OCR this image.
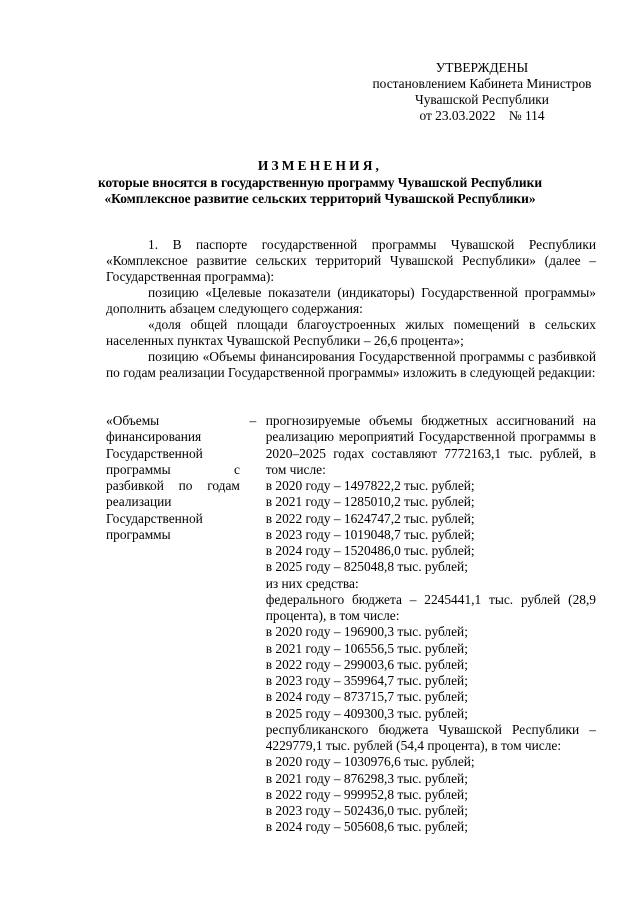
УТВЕРЖДЕНЫ
постановлением Кабинета Министров
Чувашской Республики
от 23.03.2022    № 114
ИЗМЕНЕНИЯ,
которые вносятся в государственную программу Чувашской Республики
«Комплексное развитие сельских территорий Чувашской Республики»

1. В паспорте государственной программы Чувашской Республики «Комплексное развитие сельских территорий Чувашской Республики» (далее – Государственная программа):

позицию «Целевые показатели (индикаторы) Государственной программы» дополнить абзацем следующего содержания:

«доля общей площади благоустроенных жилых помещений в сельских населенных пунктах Чувашской Республики – 26,6 процента»;

позицию «Объемы финансирования Государственной программы с разбивкой по годам реализации Государственной программы» изложить в следующей редакции:

«Объемы финансирования Государственной программы с разбивкой по годам реализации Государственной программы
– прогнозируемые объемы бюджетных ассигнований на реализацию мероприятий Государственной программы в 2020–2025 годах составляют 7772163,1 тыс. рублей, в том числе:
в 2020 году – 1497822,2 тыс. рублей;
в 2021 году – 1285010,2 тыс. рублей;
в 2022 году – 1624747,2 тыс. рублей;
в 2023 году – 1019048,7 тыс. рублей;
в 2024 году – 1520486,0 тыс. рублей;
в 2025 году – 825048,8 тыс. рублей;
из них средства:
федерального бюджета – 2245441,1 тыс. рублей (28,9 процента), в том числе:
в 2020 году – 196900,3 тыс. рублей;
в 2021 году – 106556,5 тыс. рублей;
в 2022 году – 299003,6 тыс. рублей;
в 2023 году – 359964,7 тыс. рублей;
в 2024 году – 873715,7 тыс. рублей;
в 2025 году – 409300,3 тыс. рублей;
республиканского бюджета Чувашской Республики – 4229779,1 тыс. рублей (54,4 процента), в том числе:
в 2020 году – 1030976,6 тыс. рублей;
в 2021 году – 876298,3 тыс. рублей;
в 2022 году – 999952,8 тыс. рублей;
в 2023 году – 502436,0 тыс. рублей;
в 2024 году – 505608,6 тыс. рублей;
